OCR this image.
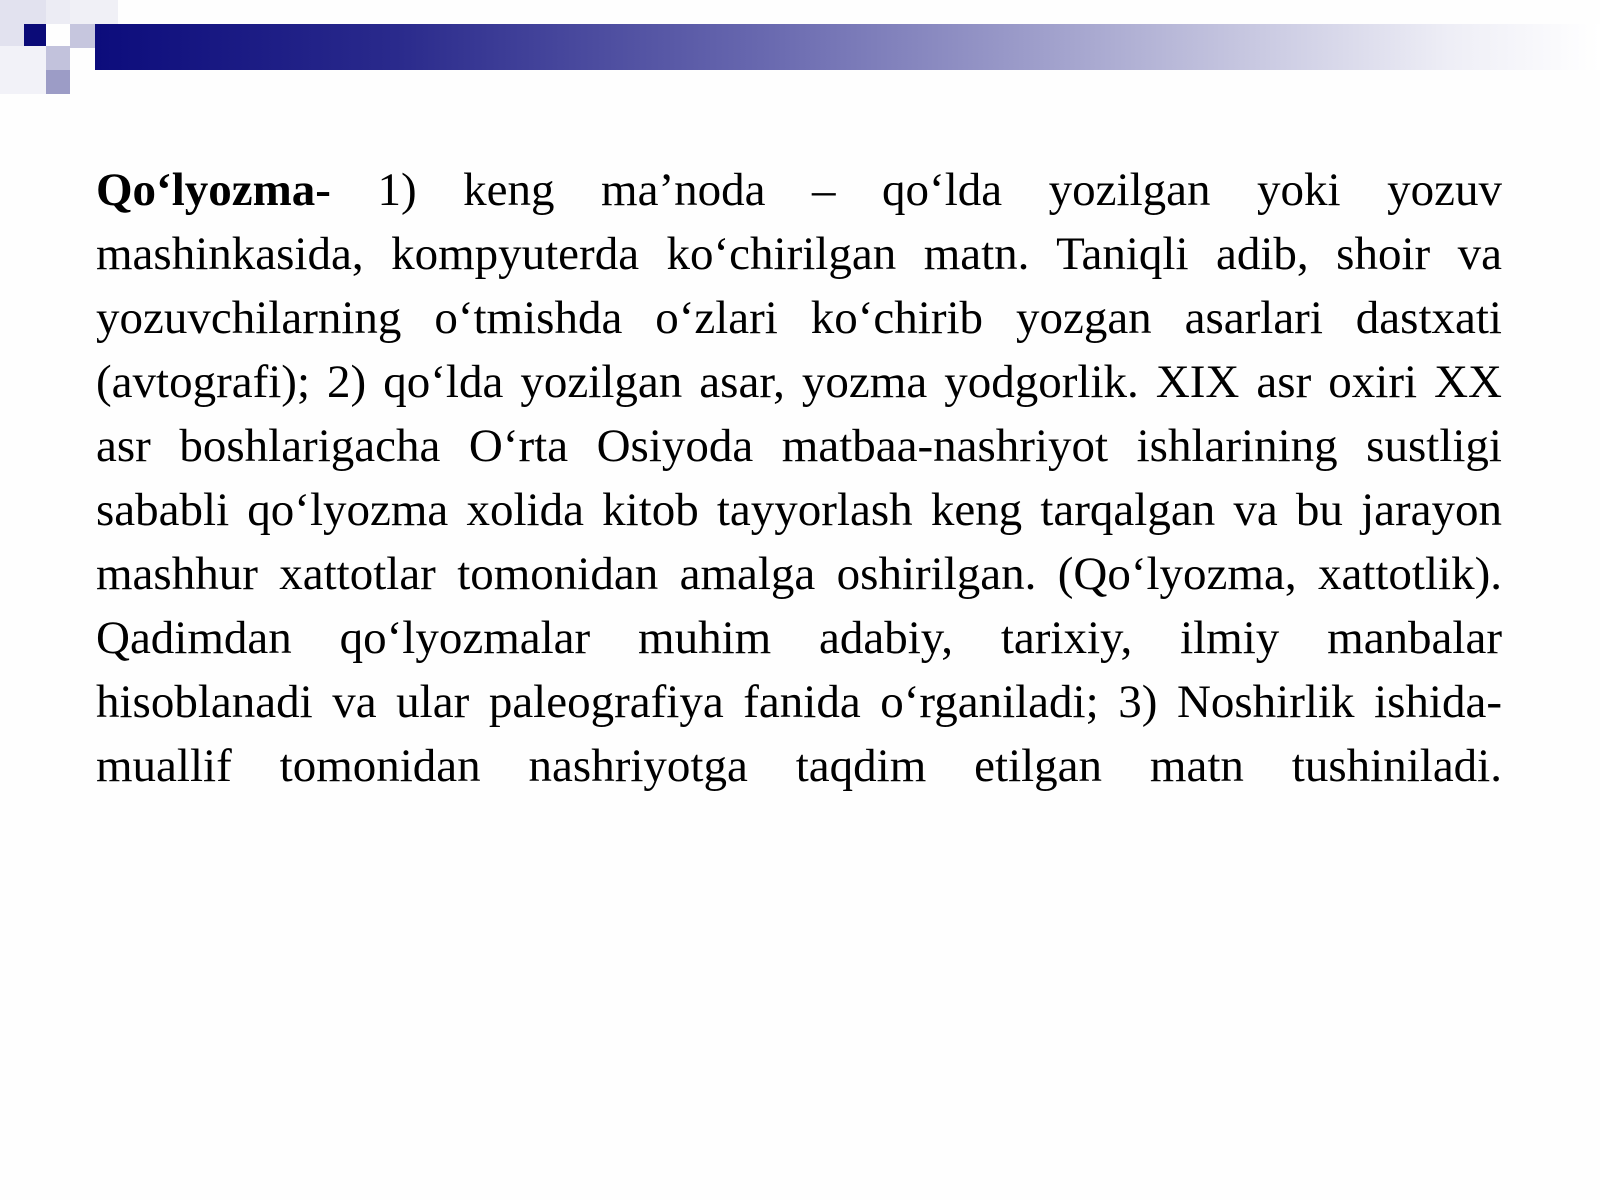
Qo‘lyozma- 1) keng ma’noda – qo‘lda yozilgan yoki yozuv mashinkasida, kompyuterda ko‘chirilgan matn. Taniqli adib, shoir va yozuvchilarning o‘tmishda o‘zlari ko‘chirib yozgan asarlari dastxati (avtografi); 2) qo‘lda yozilgan asar, yozma yodgorlik. XIX asr oxiri XX asr boshlarigacha O‘rta Osiyoda matbaa-nashriyot ishlarining sustligi sababli qo‘lyozma xolida kitob tayyorlash keng tarqalgan va bu jarayon mashhur xattotlar tomonidan amalga oshirilgan. (Qo‘lyozma, xattotlik). Qadimdan qo‘lyozmalar muhim adabiy, tarixiy, ilmiy manbalar hisoblanadi va ular paleografiya fanida o‘rganiladi; 3) Noshirlik ishida- muallif tomonidan nashriyotga taqdim etilgan matn tushiniladi.
